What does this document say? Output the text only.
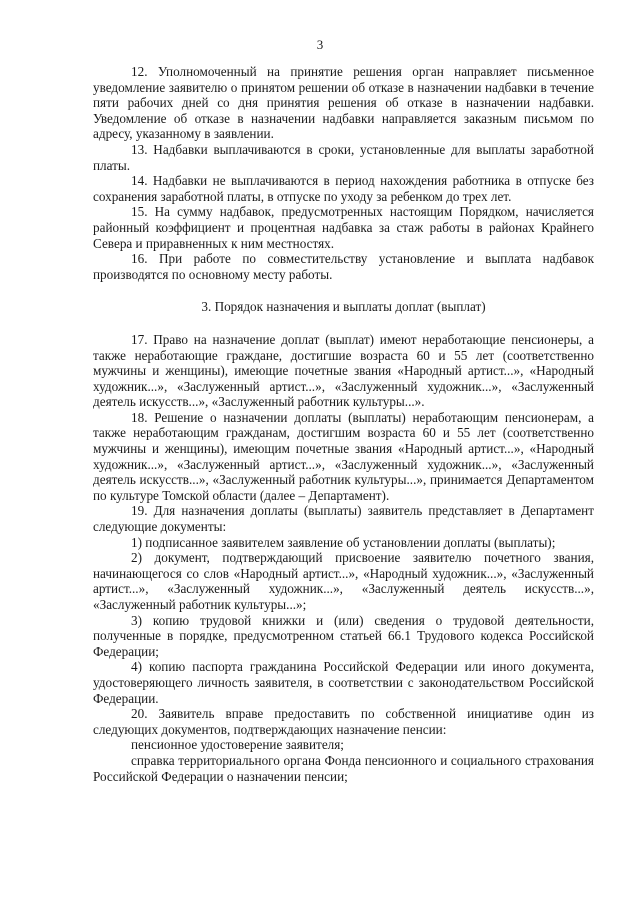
3

12. Уполномоченный на принятие решения орган направляет письменное уведомление заявителю о принятом решении об отказе в назначении надбавки в течение пяти рабочих дней со дня принятия решения об отказе в назначении надбавки. Уведомление об отказе в назначении надбавки направляется заказным письмом по адресу, указанному в заявлении.

13. Надбавки выплачиваются в сроки, установленные для выплаты заработной платы.

14. Надбавки не выплачиваются в период нахождения работника в отпуске без сохранения заработной платы, в отпуске по уходу за ребенком до трех лет.

15. На сумму надбавок, предусмотренных настоящим Порядком, начисляется районный коэффициент и процентная надбавка за стаж работы в районах Крайнего Севера и приравненных к ним местностях.

16. При работе по совместительству установление и выплата надбавок производятся по основному месту работы.

3. Порядок назначения и выплаты доплат (выплат)

17. Право на назначение доплат (выплат) имеют неработающие пенсионеры, а также неработающие граждане, достигшие возраста 60 и 55 лет (соответственно мужчины и женщины), имеющие почетные звания «Народный артист...», «Народный художник...», «Заслуженный артист...», «Заслуженный художник...», «Заслуженный деятель искусств...», «Заслуженный работник культуры...».

18. Решение о назначении доплаты (выплаты) неработающим пенсионерам, а также неработающим гражданам, достигшим возраста 60 и 55 лет (соответственно мужчины и женщины), имеющим почетные звания «Народный артист...», «Народный художник...», «Заслуженный артист...», «Заслуженный художник...», «Заслуженный деятель искусств...», «Заслуженный работник культуры...», принимается Департаментом по культуре Томской области (далее – Департамент).

19. Для назначения доплаты (выплаты) заявитель представляет в Департамент следующие документы:

1) подписанное заявителем заявление об установлении доплаты (выплаты);

2) документ, подтверждающий присвоение заявителю почетного звания, начинающегося со слов «Народный артист...», «Народный художник...», «Заслуженный артист...», «Заслуженный художник...», «Заслуженный деятель искусств...», «Заслуженный работник культуры...»;

3) копию трудовой книжки и (или) сведения о трудовой деятельности, полученные в порядке, предусмотренном статьей 66.1 Трудового кодекса Российской Федерации;

4) копию паспорта гражданина Российской Федерации или иного документа, удостоверяющего личность заявителя, в соответствии с законодательством Российской Федерации.

20. Заявитель вправе предоставить по собственной инициативе один из следующих документов, подтверждающих назначение пенсии:

пенсионное удостоверение заявителя;

справка территориального органа Фонда пенсионного и социального страхования Российской Федерации о назначении пенсии;
